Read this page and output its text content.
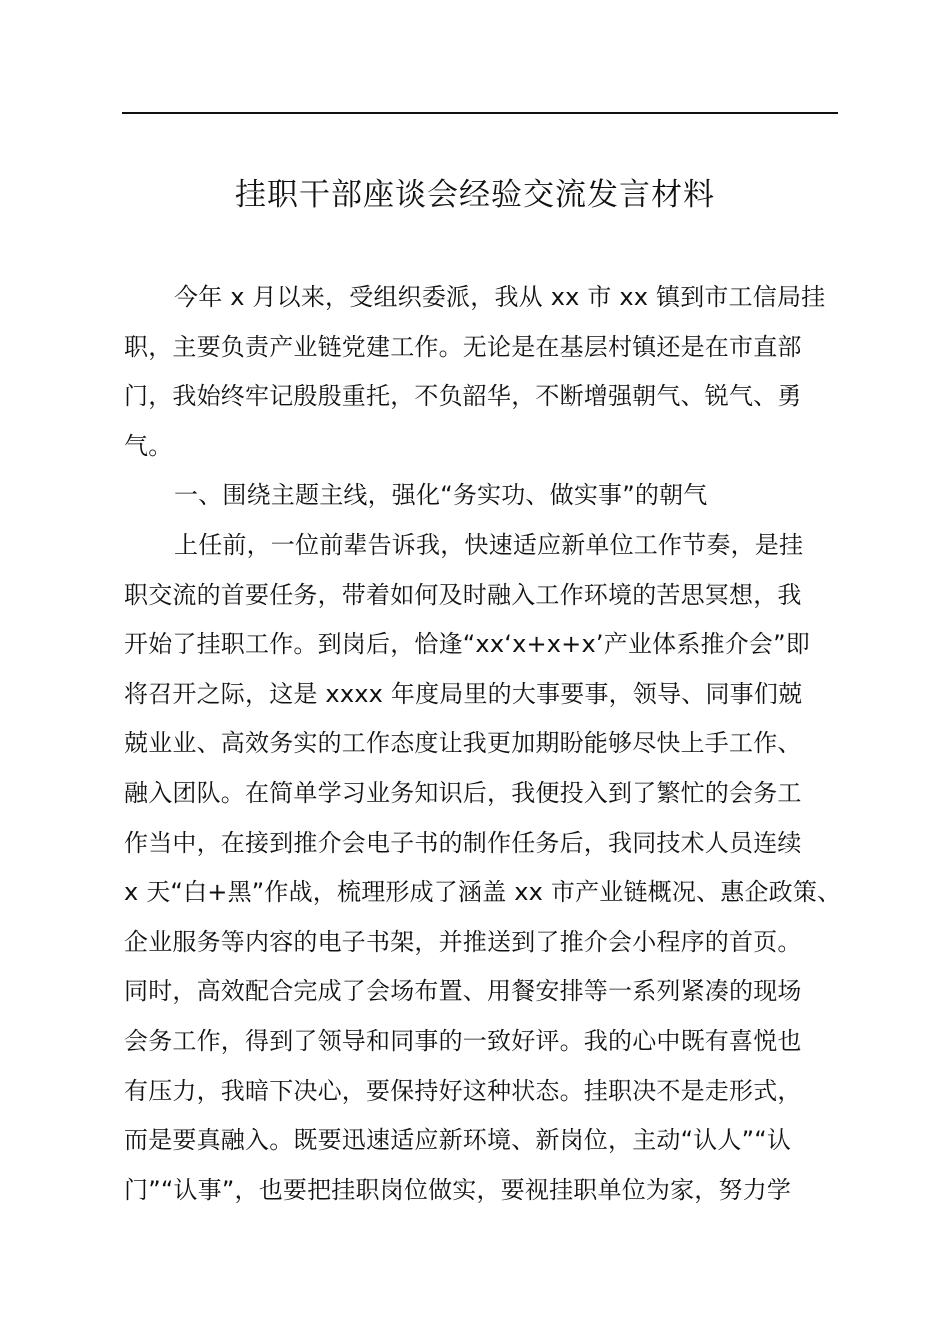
挂职干部座谈会经验交流发言材料
今年 x 月以来，受组织委派，我从 xx 市 xx 镇到市工信局挂
职，主要负责产业链党建工作。无论是在基层村镇还是在市直部
门，我始终牢记殷殷重托，不负韶华，不断增强朝气、锐气、勇
气。
一、围绕主题主线，强化“务实功、做实事”的朝气
上任前，一位前辈告诉我，快速适应新单位工作节奏，是挂
职交流的首要任务，带着如何及时融入工作环境的苦思冥想，我
开始了挂职工作。到岗后，恰逢“xx‘x+x+x’产业体系推介会”即
将召开之际，这是 xxxx 年度局里的大事要事，领导、同事们兢
兢业业、高效务实的工作态度让我更加期盼能够尽快上手工作、
融入团队。在简单学习业务知识后，我便投入到了繁忙的会务工
作当中，在接到推介会电子书的制作任务后，我同技术人员连续
x 天“白+黑”作战，梳理形成了涵盖 xx 市产业链概况、惠企政策、
企业服务等内容的电子书架，并推送到了推介会小程序的首页。
同时，高效配合完成了会场布置、用餐安排等一系列紧凑的现场
会务工作，得到了领导和同事的一致好评。我的心中既有喜悦也
有压力，我暗下决心，要保持好这种状态。挂职决不是走形式，
而是要真融入。既要迅速适应新环境、新岗位，主动“认人”“认
门”“认事”，也要把挂职岗位做实，要视挂职单位为家，努力学
